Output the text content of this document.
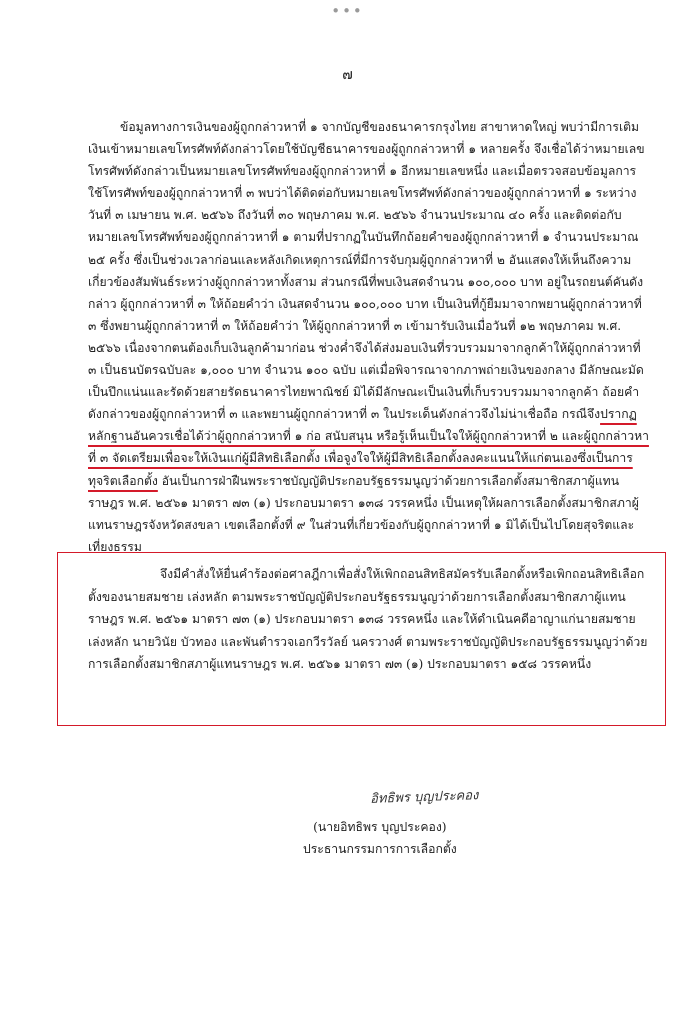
•••
๗

ข้อมูลทางการเงินของผู้ถูกกล่าวหาที่ ๑ จากบัญชีของธนาคารกรุงไทย สาขาหาดใหญ่ พบว่ามีการเติมเงินเข้าหมายเลขโทรศัพท์ดังกล่าวโดยใช้บัญชีธนาคารของผู้ถูกกล่าวหาที่ ๑ หลายครั้ง จึงเชื่อได้ว่าหมายเลขโทรศัพท์ดังกล่าวเป็นหมายเลขโทรศัพท์ของผู้ถูกกล่าวหาที่ ๑ อีกหมายเลขหนึ่ง และเมื่อตรวจสอบข้อมูลการใช้โทรศัพท์ของผู้ถูกกล่าวหาที่ ๓ พบว่าได้ติดต่อกับหมายเลขโทรศัพท์ดังกล่าวของผู้ถูกกล่าวหาที่ ๑ ระหว่างวันที่ ๓ เมษายน พ.ศ. ๒๕๖๖ ถึงวันที่ ๓๐ พฤษภาคม พ.ศ. ๒๕๖๖ จำนวนประมาณ ๔๐ ครั้ง และติดต่อกับหมายเลขโทรศัพท์ของผู้ถูกกล่าวหาที่ ๑ ตามที่ปรากฏในบันทึกถ้อยคำของผู้ถูกกล่าวหาที่ ๑ จำนวนประมาณ ๒๕ ครั้ง ซึ่งเป็นช่วงเวลาก่อนและหลังเกิดเหตุการณ์ที่มีการจับกุมผู้ถูกกล่าวหาที่ ๒ อันแสดงให้เห็นถึงความเกี่ยวข้องสัมพันธ์ระหว่างผู้ถูกกล่าวหาทั้งสาม ส่วนกรณีที่พบเงินสดจำนวน ๑๐๐,๐๐๐ บาท อยู่ในรถยนต์คันดังกล่าว ผู้ถูกกล่าวหาที่ ๓ ให้ถ้อยคำว่า เงินสดจำนวน ๑๐๐,๐๐๐ บาท เป็นเงินที่กู้ยืมมาจากพยานผู้ถูกกล่าวหาที่ ๓ ซึ่งพยานผู้ถูกกล่าวหาที่ ๓ ให้ถ้อยคำว่า ให้ผู้ถูกกล่าวหาที่ ๓ เข้ามารับเงินเมื่อวันที่ ๑๒ พฤษภาคม พ.ศ. ๒๕๖๖ เนื่องจากตนต้องเก็บเงินลูกค้ามาก่อน ช่วงค่ำจึงได้ส่งมอบเงินที่รวบรวมมาจากลูกค้าให้ผู้ถูกกล่าวหาที่ ๓ เป็นธนบัตรฉบับละ ๑,๐๐๐ บาท จำนวน ๑๐๐ ฉบับ แต่เมื่อพิจารณาจากภาพถ่ายเงินของกลาง มีลักษณะมัดเป็นปึกแน่นและรัดด้วยสายรัดธนาคารไทยพาณิชย์ มิได้มีลักษณะเป็นเงินที่เก็บรวบรวมมาจากลูกค้า ถ้อยคำดังกล่าวของผู้ถูกกล่าวหาที่ ๓ และพยานผู้ถูกกล่าวหาที่ ๓ ในประเด็นดังกล่าวจึงไม่น่าเชื่อถือ กรณีจึงปรากฏหลักฐานอันควรเชื่อได้ว่าผู้ถูกกล่าวหาที่ ๑ ก่อ สนับสนุน หรือรู้เห็นเป็นใจให้ผู้ถูกกล่าวหาที่ ๒ และผู้ถูกกล่าวหาที่ ๓ จัดเตรียมเพื่อจะให้เงินแก่ผู้มีสิทธิเลือกตั้ง เพื่อจูงใจให้ผู้มีสิทธิเลือกตั้งลงคะแนนให้แก่ตนเองซึ่งเป็นการทุจริตเลือกตั้ง อันเป็นการฝ่าฝืนพระราชบัญญัติประกอบรัฐธรรมนูญว่าด้วยการเลือกตั้งสมาชิกสภาผู้แทนราษฎร พ.ศ. ๒๕๖๑ มาตรา ๗๓ (๑) ประกอบมาตรา ๑๓๘ วรรคหนึ่ง เป็นเหตุให้ผลการเลือกตั้งสมาชิกสภาผู้แทนราษฎรจังหวัดสงขลา เขตเลือกตั้งที่ ๙ ในส่วนที่เกี่ยวข้องกับผู้ถูกกล่าวหาที่ ๑ มิได้เป็นไปโดยสุจริตและเที่ยงธรรม

จึงมีคำสั่งให้ยื่นคำร้องต่อศาลฎีกาเพื่อสั่งให้เพิกถอนสิทธิสมัครรับเลือกตั้งหรือเพิกถอนสิทธิเลือกตั้งของนายสมชาย เล่งหลัก ตามพระราชบัญญัติประกอบรัฐธรรมนูญว่าด้วยการเลือกตั้งสมาชิกสภาผู้แทนราษฎร พ.ศ. ๒๕๖๑ มาตรา ๗๓ (๑) ประกอบมาตรา ๑๓๘ วรรคหนึ่ง และให้ดำเนินคดีอาญาแก่นายสมชาย เล่งหลัก นายวินัย บัวทอง และพันตำรวจเอกวีรวัลย์ นครวางศ์ ตามพระราชบัญญัติประกอบรัฐธรรมนูญว่าด้วยการเลือกตั้งสมาชิกสภาผู้แทนราษฎร พ.ศ. ๒๕๖๑ มาตรา ๗๓ (๑) ประกอบมาตรา ๑๕๘ วรรคหนึ่ง

อิทธิพร บุญประคอง
(นายอิทธิพร บุญประคอง)
ประธานกรรมการการเลือกตั้ง
